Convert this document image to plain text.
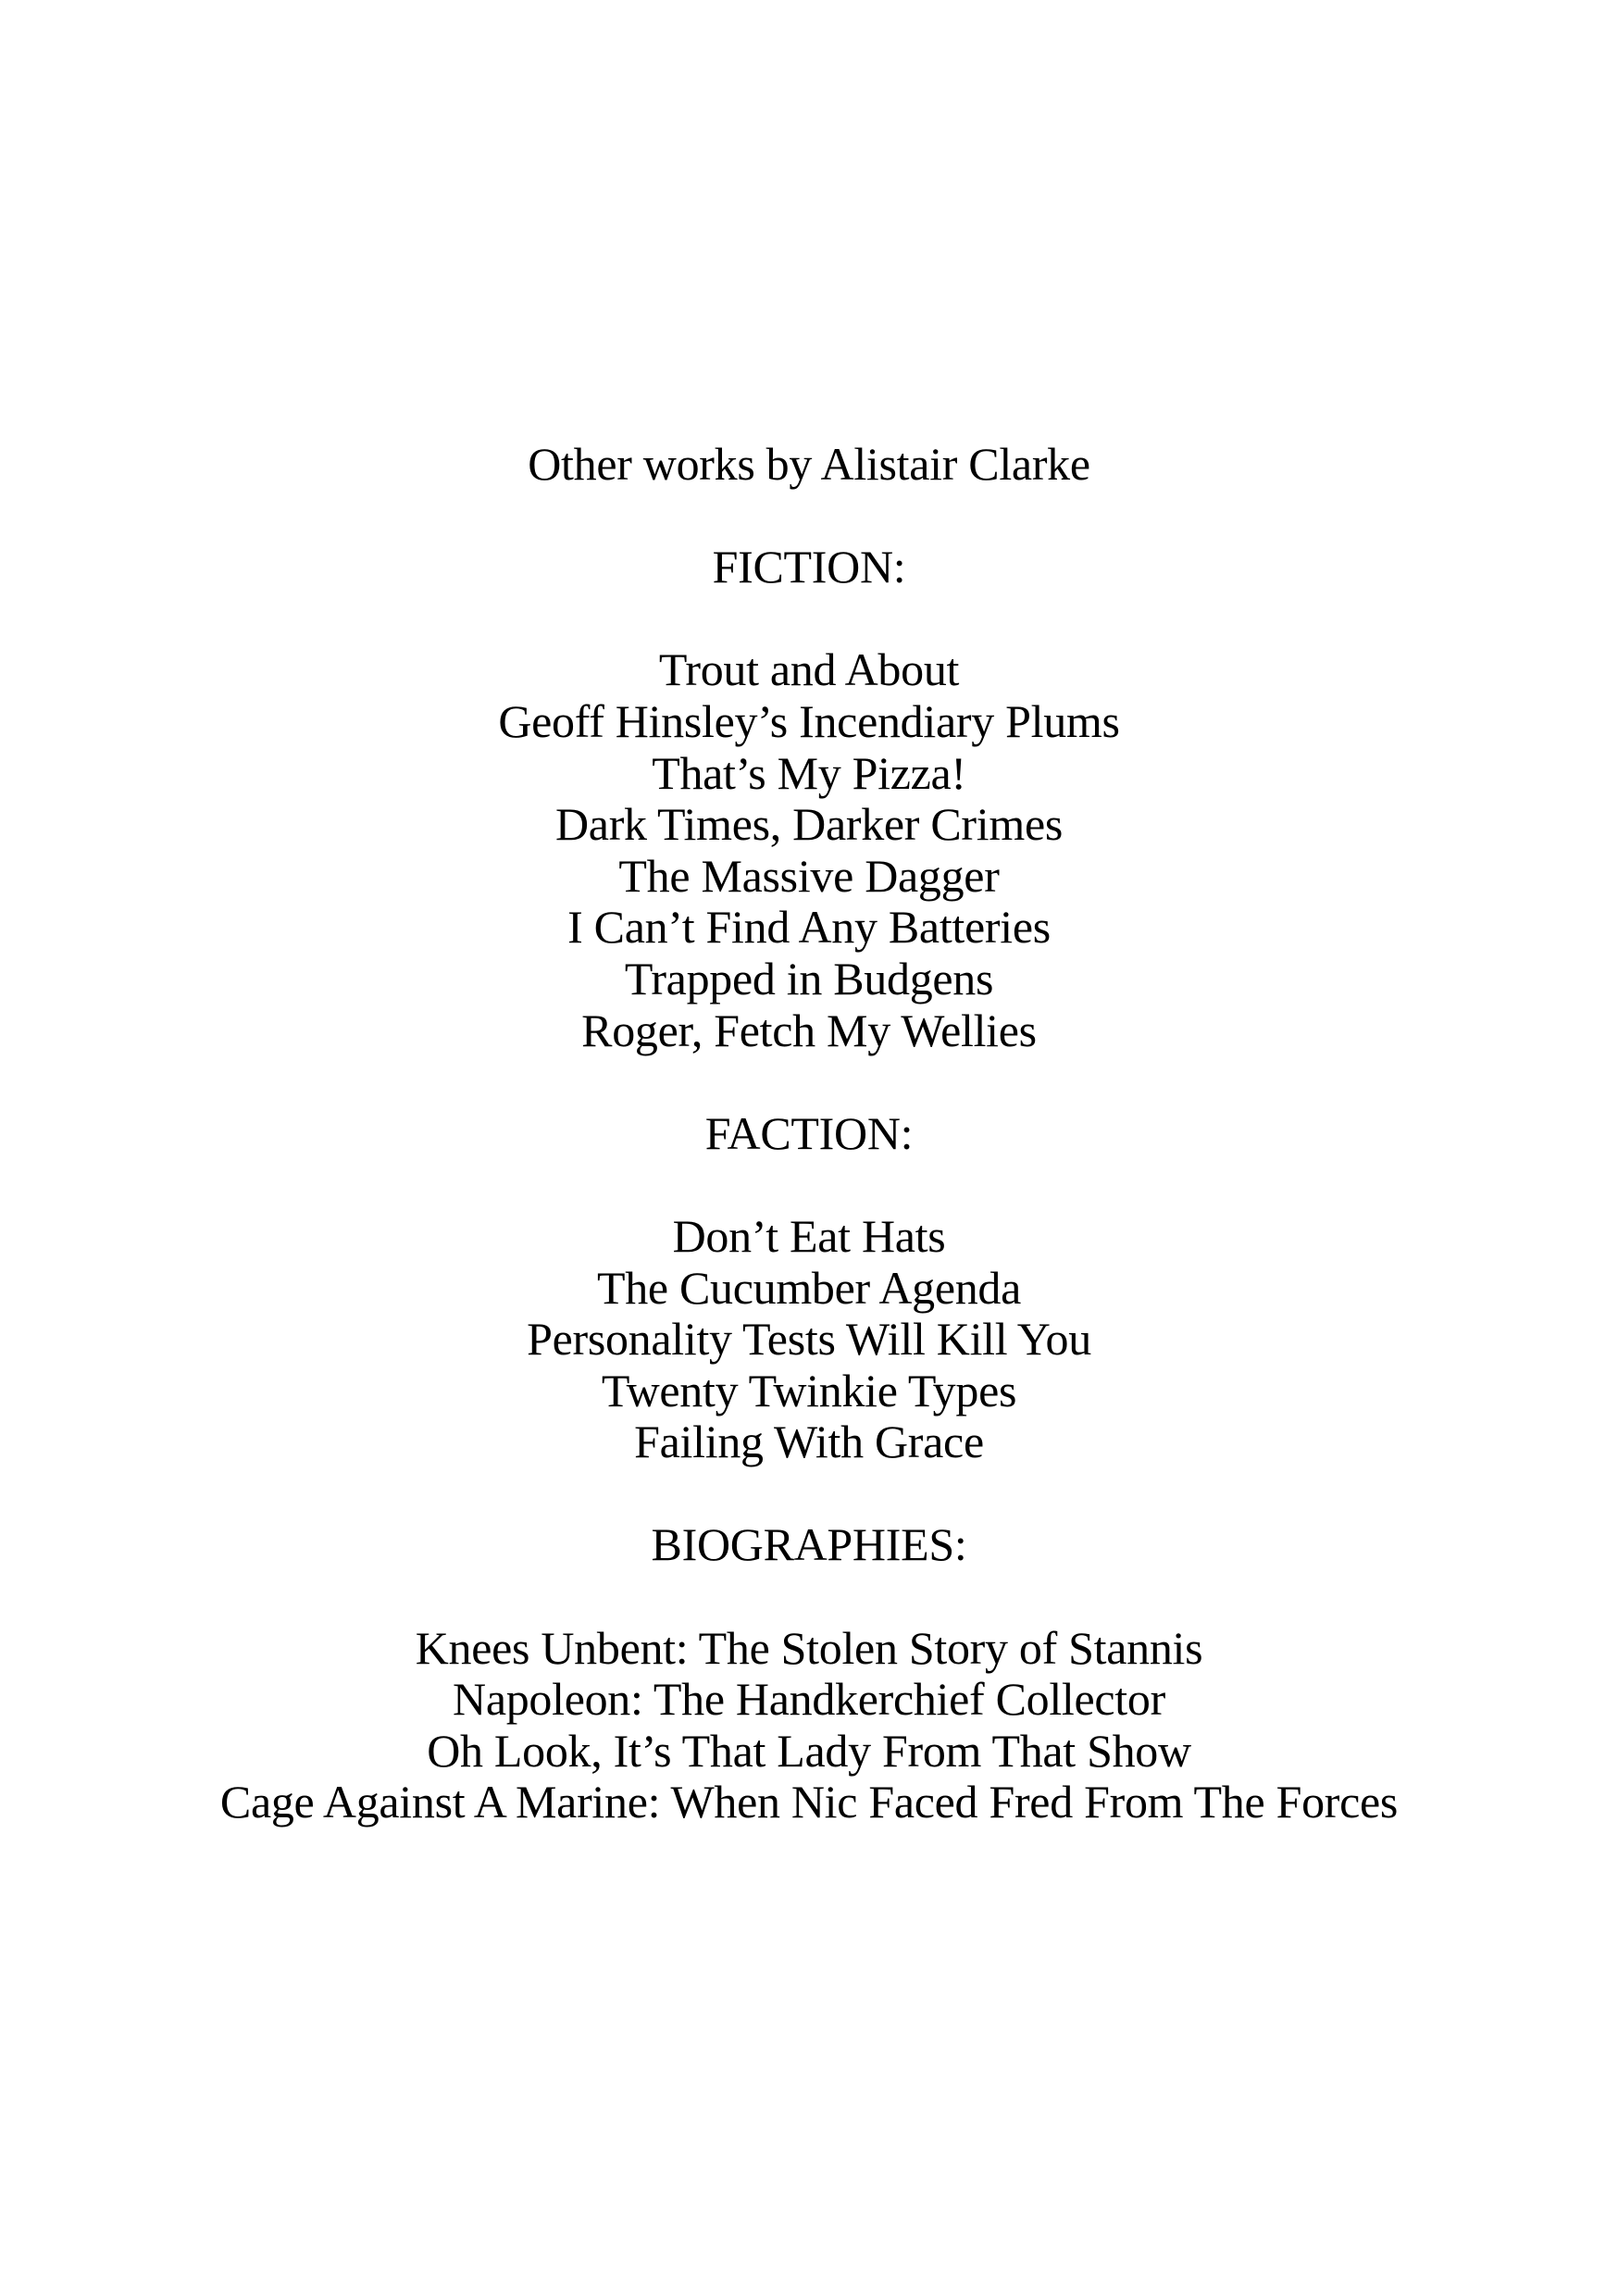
Other works by Alistair Clarke
FICTION:
Trout and About
Geoff Hinsley’s Incendiary Plums
That’s My Pizza!
Dark Times, Darker Crimes
The Massive Dagger
I Can’t Find Any Batteries
Trapped in Budgens
Roger, Fetch My Wellies
FACTION:
Don’t Eat Hats
The Cucumber Agenda
Personality Tests Will Kill You
Twenty Twinkie Types
Failing With Grace
BIOGRAPHIES:
Knees Unbent: The Stolen Story of Stannis
Napoleon: The Handkerchief Collector
Oh Look, It’s That Lady From That Show
Cage Against A Marine: When Nic Faced Fred From The Forces
